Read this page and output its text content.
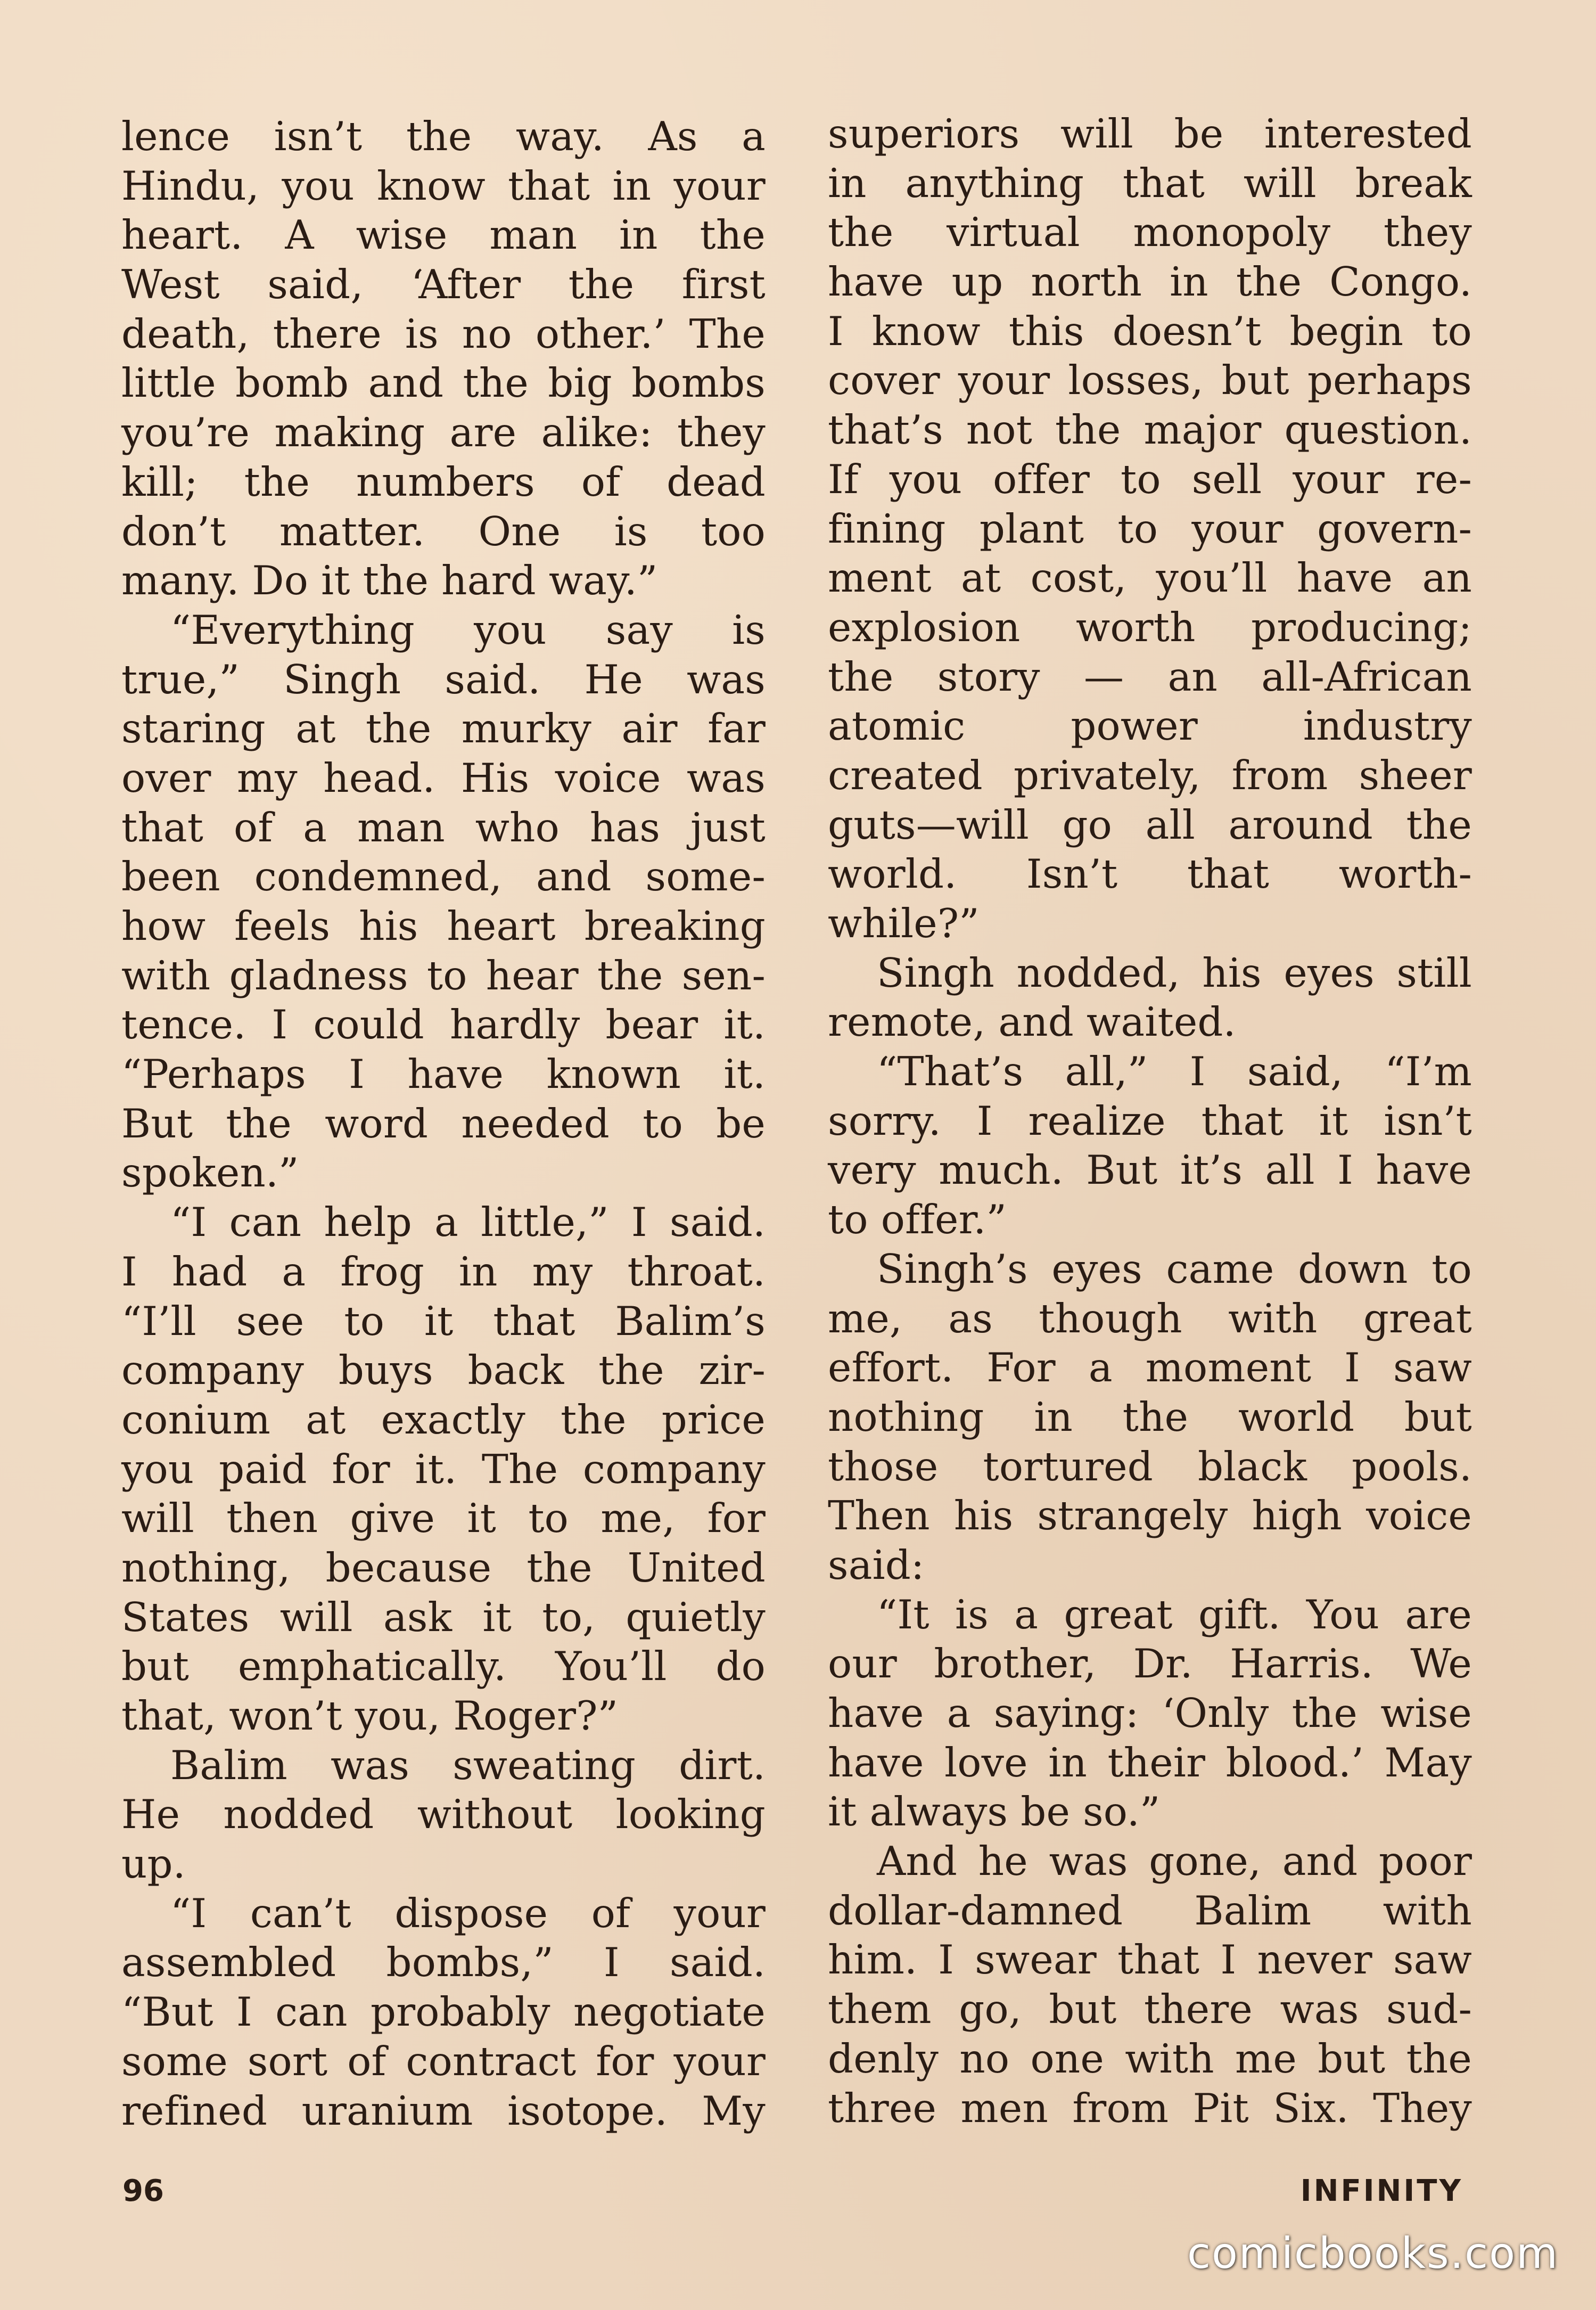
lence isn’t the way. As a
Hindu, you know that in your
heart. A wise man in the
West said, ‘After the first
death, there is no other.’ The
little bomb and the big bombs
you’re making are alike: they
kill; the numbers of dead
don’t matter. One is too
many. Do it the hard way.”
“Everything you say is
true,” Singh said. He was
staring at the murky air far
over my head. His voice was
that of a man who has just
been condemned, and some-
how feels his heart breaking
with gladness to hear the sen-
tence. I could hardly bear it.
“Perhaps I have known it.
But the word needed to be
spoken.”
“I can help a little,” I said.
I had a frog in my throat.
“I’ll see to it that Balim’s
company buys back the zir-
conium at exactly the price
you paid for it. The company
will then give it to me, for
nothing, because the United
States will ask it to, quietly
but emphatically. You’ll do
that, won’t you, Roger?”
Balim was sweating dirt.
He nodded without looking
up.
“I can’t dispose of your
assembled bombs,” I said.
“But I can probably negotiate
some sort of contract for your
refined uranium isotope. My
superiors will be interested
in anything that will break
the virtual monopoly they
have up north in the Congo.
I know this doesn’t begin to
cover your losses, but perhaps
that’s not the major question.
If you offer to sell your re-
fining plant to your govern-
ment at cost, you’ll have an
explosion worth producing;
the story — an all-African
atomic power industry
created privately, from sheer
guts—will go all around the
world. Isn’t that worth-
while?”
Singh nodded, his eyes still
remote, and waited.
“That’s all,” I said, “I’m
sorry. I realize that it isn’t
very much. But it’s all I have
to offer.”
Singh’s eyes came down to
me, as though with great
effort. For a moment I saw
nothing in the world but
those tortured black pools.
Then his strangely high voice
said:
“It is a great gift. You are
our brother, Dr. Harris. We
have a saying: ‘Only the wise
have love in their blood.’ May
it always be so.”
And he was gone, and poor
dollar-damned Balim with
him. I swear that I never saw
them go, but there was sud-
denly no one with me but the
three men from Pit Six. They
96	INFINITY
comicbooks.com
